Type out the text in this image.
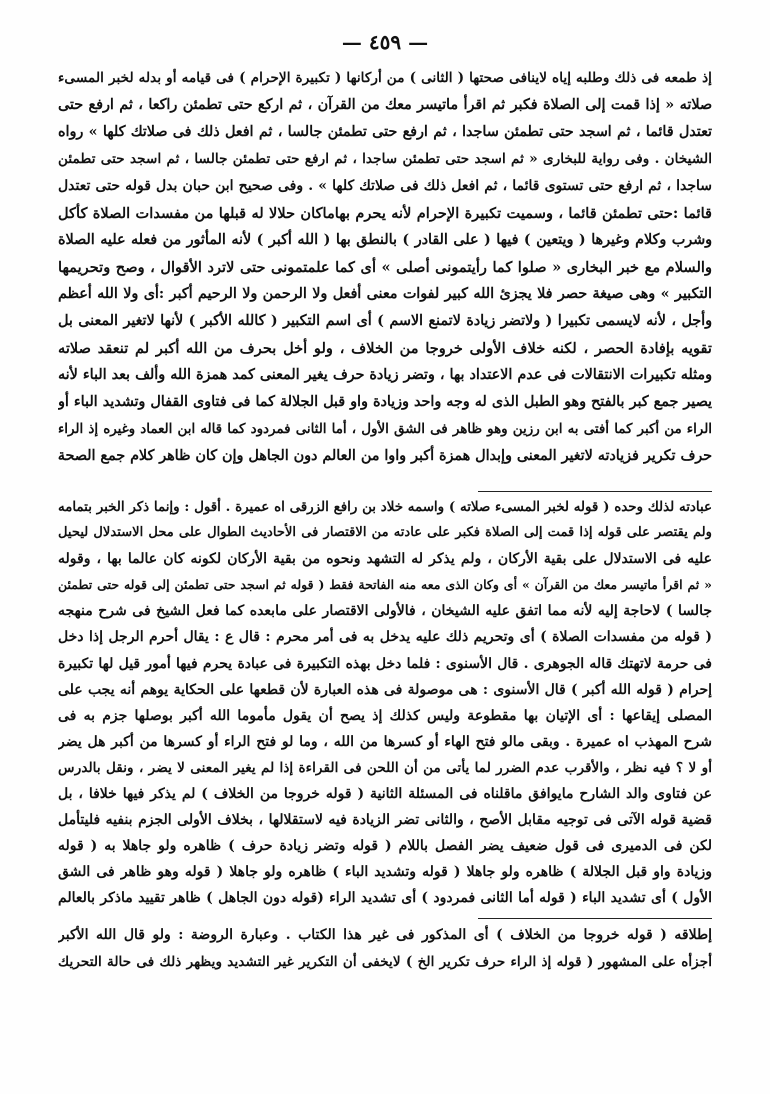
— ٤٥٩ —
إذ طمعه فى ذلك وطلبه إياه لاينافى صحتها ( الثانى ) من أركانها ( تكبيرة الإحرام ) فى قيامه أو بدله لخبر المسىء
صلاته « إذا قمت إلى الصلاة فكبر ثم اقرأ ماتيسر معك من القرآن ، ثم اركع حتى تطمئن راكعا ، ثم ارفع حتى
تعتدل قائما ، ثم اسجد حتى تطمئن ساجدا ، ثم ارفع حتى تطمئن جالسا ، ثم افعل ذلك فى صلاتك كلها » رواه
الشيخان . وفى رواية للبخارى « ثم اسجد حتى تطمئن ساجدا ، ثم ارفع حتى تطمئن جالسا ، ثم اسجد حتى تطمئن
ساجدا ، ثم ارفع حتى تستوى قائما ، ثم افعل ذلك فى صلاتك كلها » . وفى صحيح ابن حبان بدل قوله حتى تعتدل
قائما :حتى تطمئن قائما ، وسميت تكبيرة الإحرام لأنه يحرم بهاماكان حلالا له قبلها من مفسدات الصلاة كأكل
وشرب وكلام وغيرها ( ويتعين ) فيها ( على القادر ) بالنطق بها ( الله أكبر ) لأنه المأثور من فعله عليه الصلاة
والسلام مع خبر البخارى « صلوا كما رأيتمونى أصلى » أى كما علمتمونى حتى لاترد الأقوال ، وصح وتحريمها
التكبير » وهى صيغة حصر فلا يجزئ الله كبير لفوات معنى أفعل ولا الرحمن ولا الرحيم أكبر :أى ولا الله أعظم
وأجل ، لأنه لايسمى تكبيرا ( ولاتضر زيادة لاتمنع الاسم ) أى اسم التكبير ( كالله الأكبر ) لأنها لاتغير المعنى بل
تقويه بإفادة الحصر ، لكنه خلاف الأولى خروجا من الخلاف ، ولو أخل بحرف من الله أكبر لم تنعقد صلاته
ومثله تكبيرات الانتقالات فى عدم الاعتداد بها ، وتضر زيادة حرف يغير المعنى كمد همزة الله وألف بعد الباء لأنه
يصير جمع كبر بالفتح وهو الطبل الذى له وجه واحد وزيادة واو قبل الجلالة كما فى فتاوى القفال وتشديد الباء أو
الراء من أكبر كما أفتى به ابن رزين وهو ظاهر فى الشق الأول ، أما الثانى فمردود كما قاله ابن العماد وغيره إذ الراء
حرف تكرير فزيادته لاتغير المعنى وإبدال همزة أكبر واوا من العالم دون الجاهل وإن كان ظاهر كلام جمع الصحة
عبادته لذلك وحده ( قوله لخبر المسىء صلاته ) واسمه خلاد بن رافع الزرقى اه عميرة . أقول : وإنما ذكر الخبر بتمامه
ولم يقتصر على قوله إذا قمت إلى الصلاة فكبر على عادته من الاقتصار فى الأحاديث الطوال على محل الاستدلال ليحيل
عليه فى الاستدلال على بقية الأركان ، ولم يذكر له التشهد ونحوه من بقية الأركان لكونه كان عالما بها ، وقوله
« ثم اقرأ ماتيسر معك من القرآن » أى وكان الذى معه منه الفاتحة فقط ( قوله ثم اسجد حتى تطمئن إلى قوله حتى تطمئن
جالسا ) لاحاجة إليه لأنه مما اتفق عليه الشيخان ، فالأولى الاقتصار على مابعده كما فعل الشيخ فى شرح منهجه
( قوله من مفسدات الصلاة ) أى وتحريم ذلك عليه يدخل به فى أمر محرم : قال ع : يقال أحرم الرجل إذا دخل
فى حرمة لاتهتك قاله الجوهرى . قال الأسنوى : فلما دخل بهذه التكبيرة فى عبادة يحرم فيها أمور قيل لها تكبيرة
إحرام ( قوله الله أكبر ) قال الأسنوى : هى موصولة فى هذه العبارة لأن قطعها على الحكاية يوهم أنه يجب على
المصلى إيقاعها : أى الإتيان بها مقطوعة وليس كذلك إذ يصح أن يقول مأموما الله أكبر بوصلها جزم به فى
شرح المهذب اه عميرة . وبقى مالو فتح الهاء أو كسرها من الله ، وما لو فتح الراء أو كسرها من أكبر هل يضر
أو لا ؟ فيه نظر ، والأقرب عدم الضرر لما يأتى من أن اللحن فى القراءة إذا لم يغير المعنى لا يضر ، ونقل بالدرس
عن فتاوى والد الشارح مايوافق ماقلناه فى المسئلة الثانية ( قوله خروجا من الخلاف ) لم يذكر فيها خلافا ، بل
قضية قوله الآتى فى توجيه مقابل الأصح ، والثانى تضر الزيادة فيه لاستقلالها ، بخلاف الأولى الجزم بنفيه فليتأمل
لكن فى الدميرى فى قول ضعيف يضر الفصل باللام ( قوله وتضر زيادة حرف ) ظاهره ولو جاهلا به ( قوله
وزيادة واو قبل الجلالة ) ظاهره ولو جاهلا ( قوله وتشديد الباء ) ظاهره ولو جاهلا ( قوله وهو ظاهر فى الشق
الأول ) أى تشديد الباء ( قوله أما الثانى فمردود ) أى تشديد الراء (قوله دون الجاهل ) ظاهر تقييد ماذكر بالعالم
إطلاقه ( قوله خروجا من الخلاف ) أى المذكور فى غير هذا الكتاب . وعبارة الروضة : ولو قال الله الأكبر
أجزأه على المشهور ( قوله إذ الراء حرف تكرير الخ ) لايخفى أن التكرير غير التشديد ويظهر ذلك فى حالة التحريك
